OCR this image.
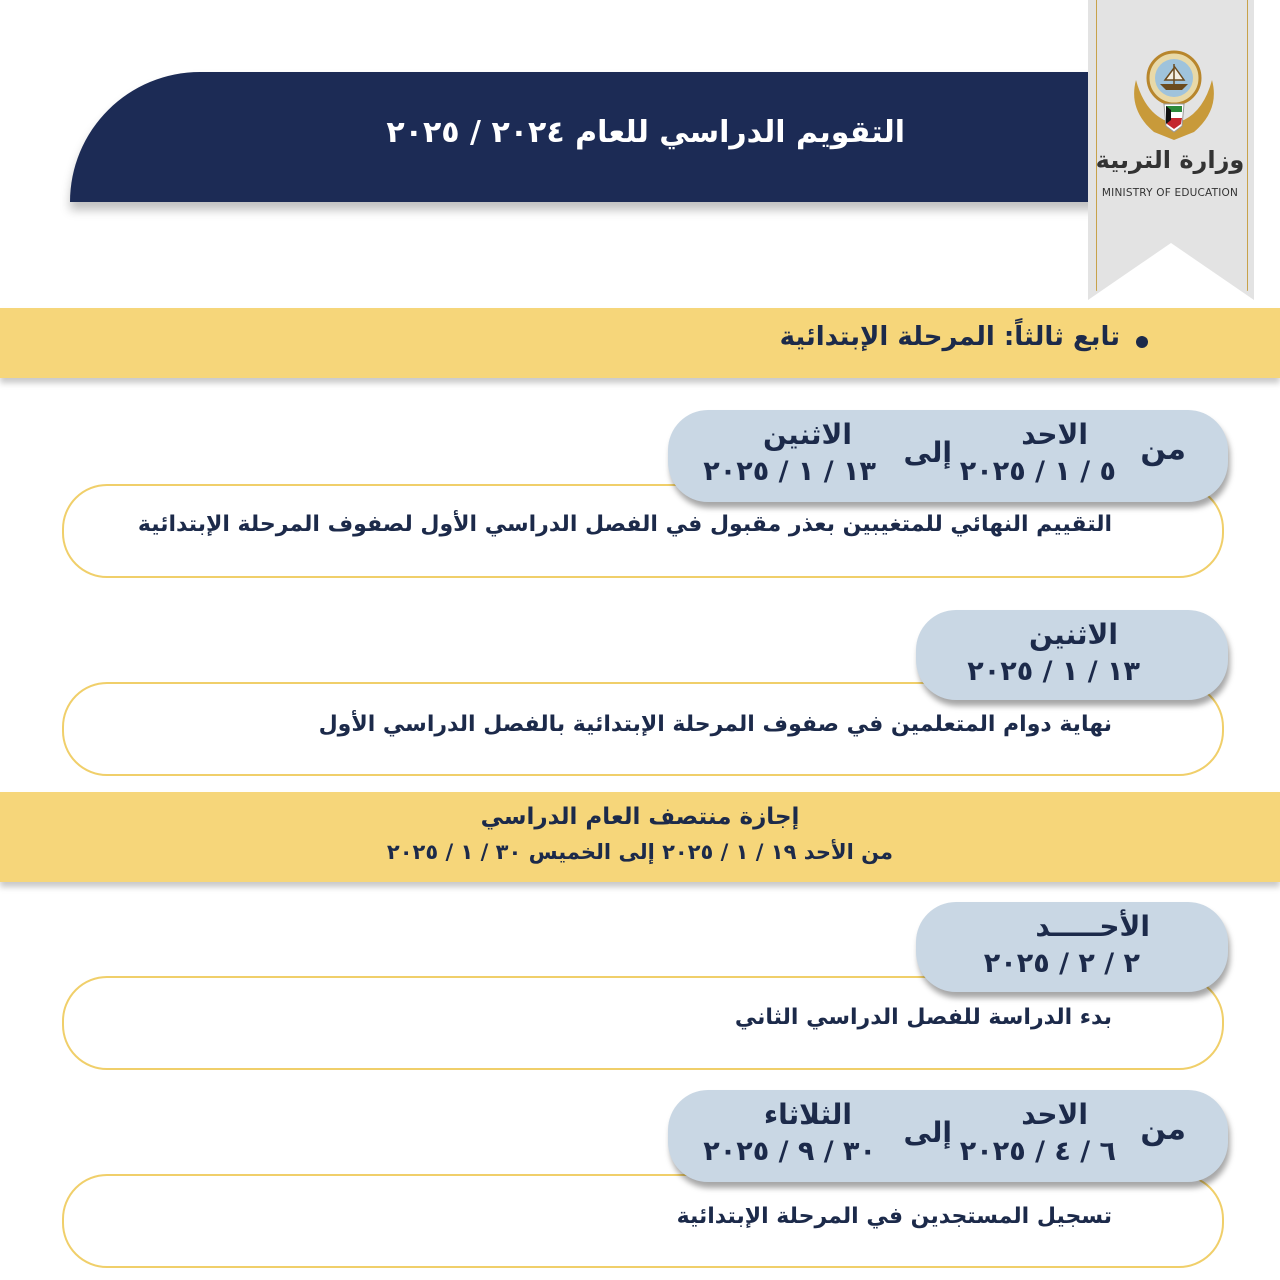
التقويم الدراسي للعام ٢٠٢٤ / ٢٠٢٥
وزارة التربية
MINISTRY OF EDUCATION
تابع ثالثاً: المرحلة الإبتدائية
التقييم النهائي للمتغيبين بعذر مقبول في الفصل الدراسي الأول لصفوف المرحلة الإبتدائية
من
الاحد
٥ / ١ / ٢٠٢٥
إلى
الاثنين
١٣ / ١ / ٢٠٢٥
نهاية دوام المتعلمين في صفوف المرحلة الإبتدائية بالفصل الدراسي الأول
الاثنين
١٣ / ١ / ٢٠٢٥
إجازة منتصف العام الدراسي
من الأحد ١٩ / ١ / ٢٠٢٥ إلى الخميس ٣٠ / ١ / ٢٠٢٥
بدء الدراسة للفصل الدراسي الثاني
الأحـــــد
٢ / ٢ / ٢٠٢٥
تسجيل المستجدين في المرحلة الإبتدائية
من
الاحد
٦ / ٤ / ٢٠٢٥
إلى
الثلاثاء
٣٠ / ٩ / ٢٠٢٥
